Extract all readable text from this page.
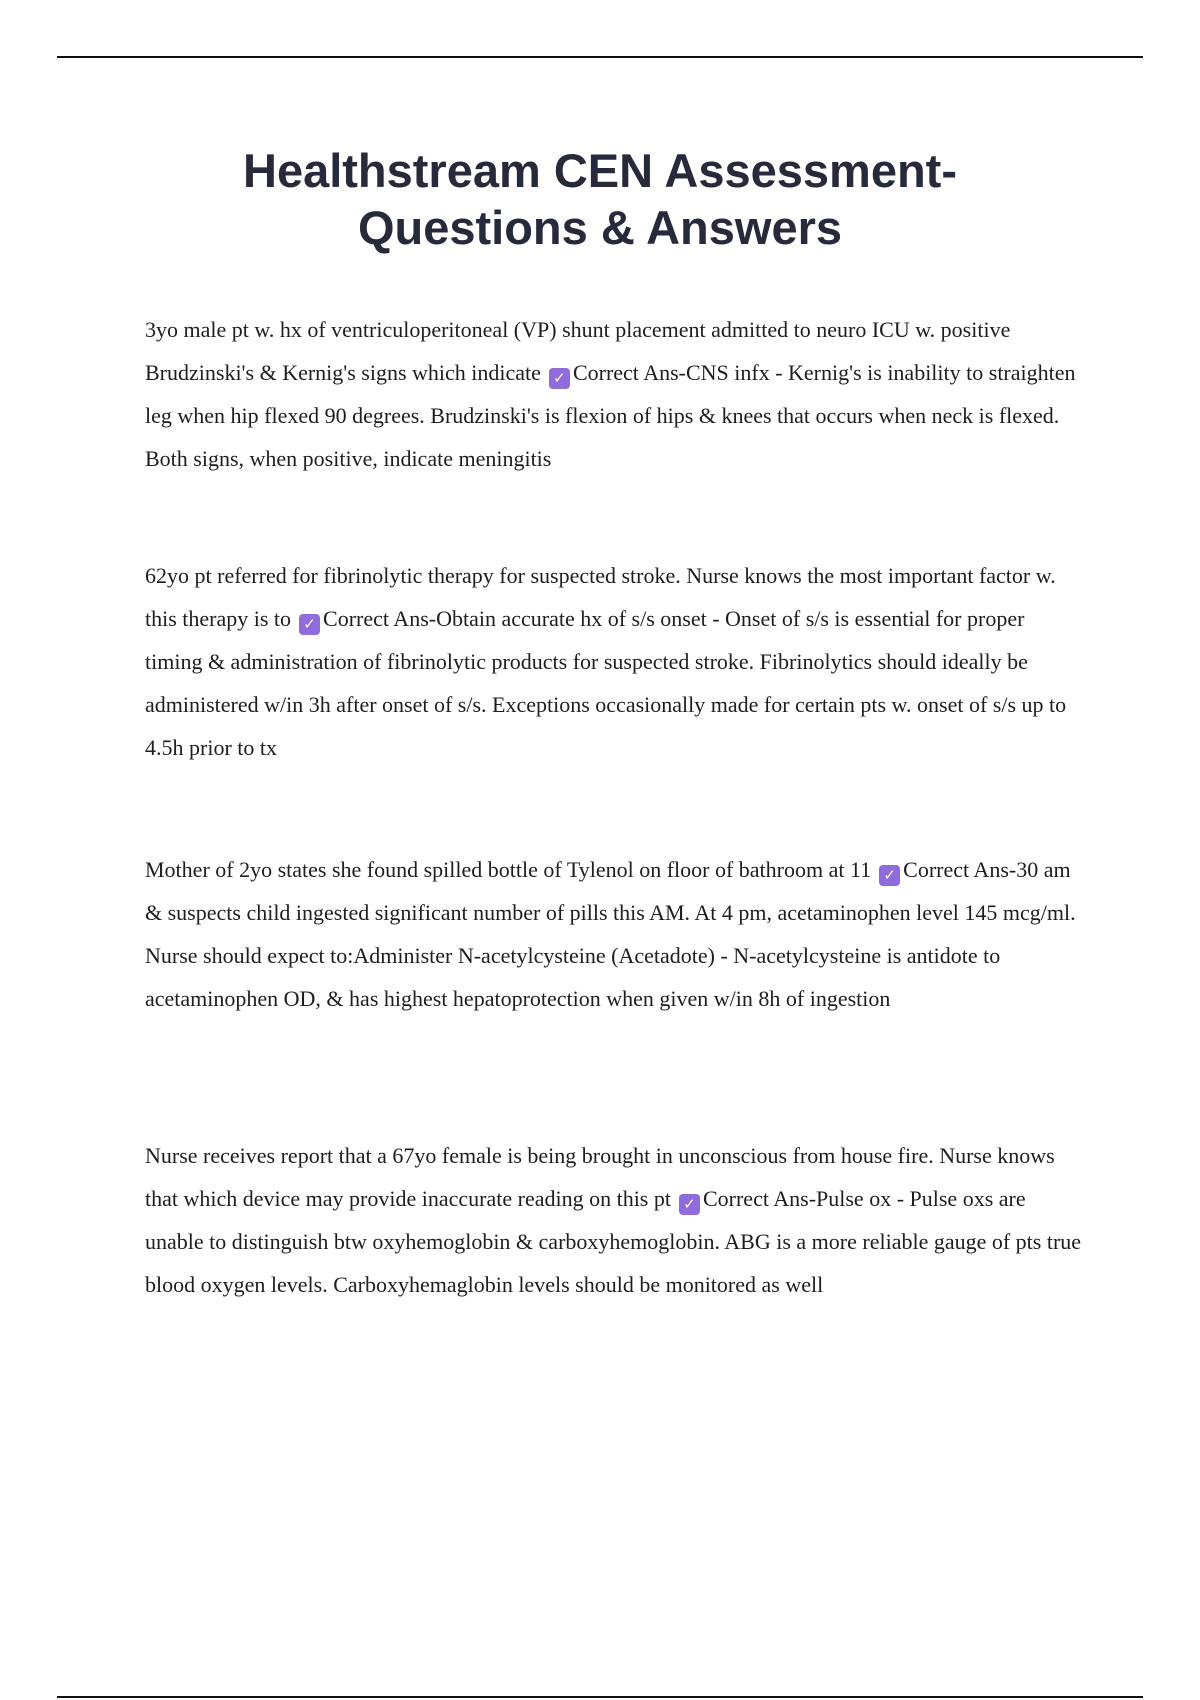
Healthstream CEN Assessment-
Questions & Answers

3yo male pt w. hx of ventriculoperitoneal (VP) shunt placement admitted to neuro ICU w. positive Brudzinski's & Kernig's signs which indicate ✓ Correct Ans-CNS infx - Kernig's is inability to straighten leg when hip flexed 90 degrees. Brudzinski's is flexion of hips & knees that occurs when neck is flexed. Both signs, when positive, indicate meningitis

62yo pt referred for fibrinolytic therapy for suspected stroke. Nurse knows the most important factor w. this therapy is to ✓ Correct Ans-Obtain accurate hx of s/s onset - Onset of s/s is essential for proper timing & administration of fibrinolytic products for suspected stroke. Fibrinolytics should ideally be administered w/in 3h after onset of s/s. Exceptions occasionally made for certain pts w. onset of s/s up to 4.5h prior to tx

Mother of 2yo states she found spilled bottle of Tylenol on floor of bathroom at 11 ✓ Correct Ans-30 am & suspects child ingested significant number of pills this AM. At 4 pm, acetaminophen level 145 mcg/ml. Nurse should expect to:Administer N-acetylcysteine (Acetadote) - N-acetylcysteine is antidote to acetaminophen OD, & has highest hepatoprotection when given w/in 8h of ingestion

Nurse receives report that a 67yo female is being brought in unconscious from house fire. Nurse knows that which device may provide inaccurate reading on this pt ✓ Correct Ans-Pulse ox - Pulse oxs are unable to distinguish btw oxyhemoglobin & carboxyhemoglobin. ABG is a more reliable gauge of pts true blood oxygen levels. Carboxyhemaglobin levels should be monitored as well
